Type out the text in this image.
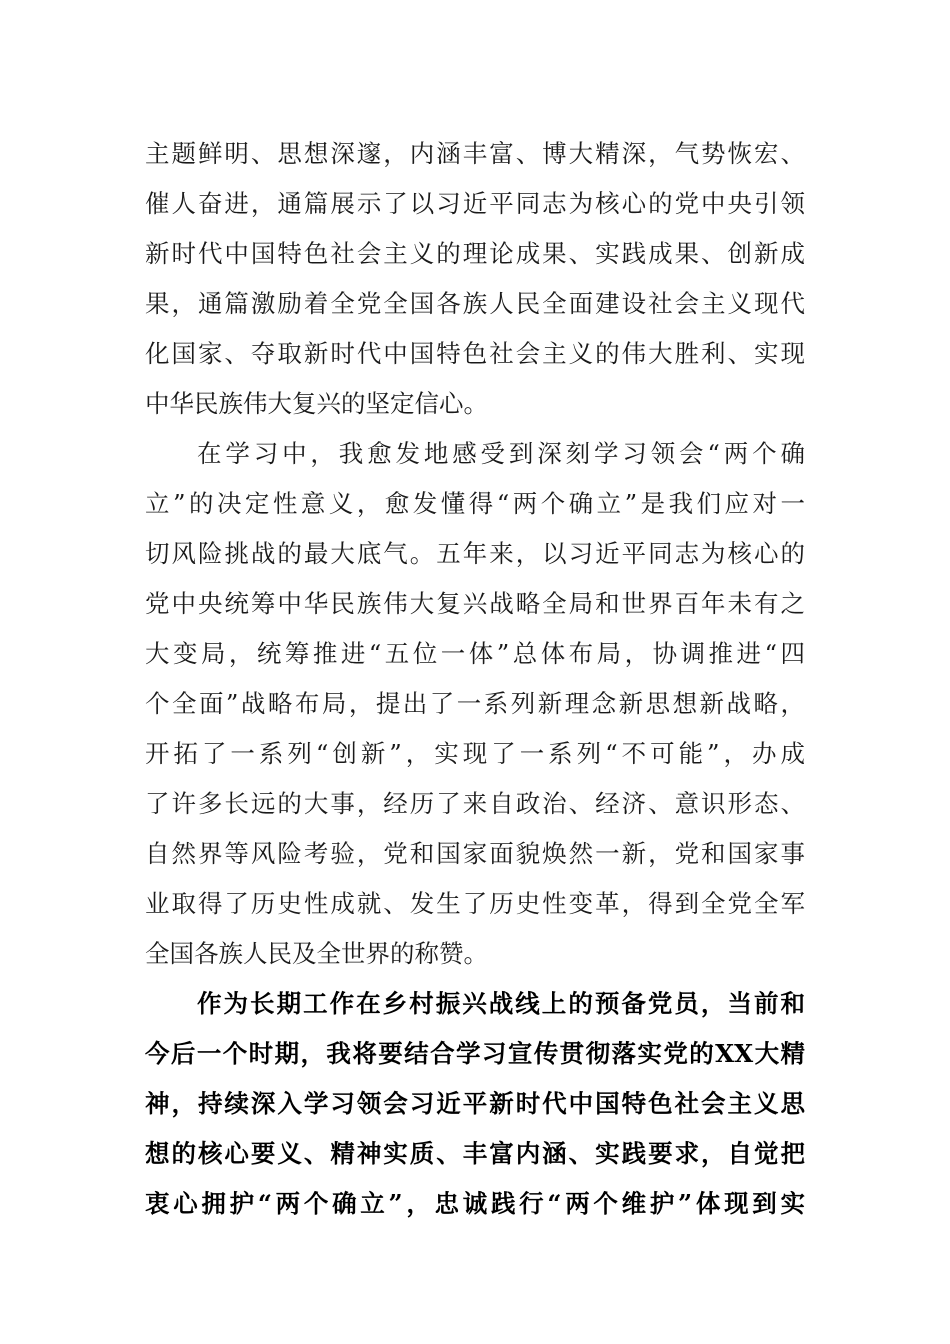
主题鲜明、思想深邃，内涵丰富、博大精深，气势恢宏、
催人奋进，通篇展示了以习近平同志为核心的党中央引领
新时代中国特色社会主义的理论成果、实践成果、创新成
果，通篇激励着全党全国各族人民全面建设社会主义现代
化国家、夺取新时代中国特色社会主义的伟大胜利、实现
中华民族伟大复兴的坚定信心。
在学习中，我愈发地感受到深刻学习领会“两个确
立”的决定性意义，愈发懂得“两个确立”是我们应对一
切风险挑战的最大底气。五年来，以习近平同志为核心的
党中央统筹中华民族伟大复兴战略全局和世界百年未有之
大变局，统筹推进“五位一体”总体布局，协调推进“四
个全面”战略布局，提出了一系列新理念新思想新战略，
开拓了一系列“创新”，实现了一系列“不可能”，办成
了许多长远的大事，经历了来自政治、经济、意识形态、
自然界等风险考验，党和国家面貌焕然一新，党和国家事
业取得了历史性成就、发生了历史性变革，得到全党全军
全国各族人民及全世界的称赞。
作为长期工作在乡村振兴战线上的预备党员，当前和
今后一个时期，我将要结合学习宣传贯彻落实党的XX大精
神，持续深入学习领会习近平新时代中国特色社会主义思
想的核心要义、精神实质、丰富内涵、实践要求，自觉把
衷心拥护“两个确立”，忠诚践行“两个维护”体现到实
